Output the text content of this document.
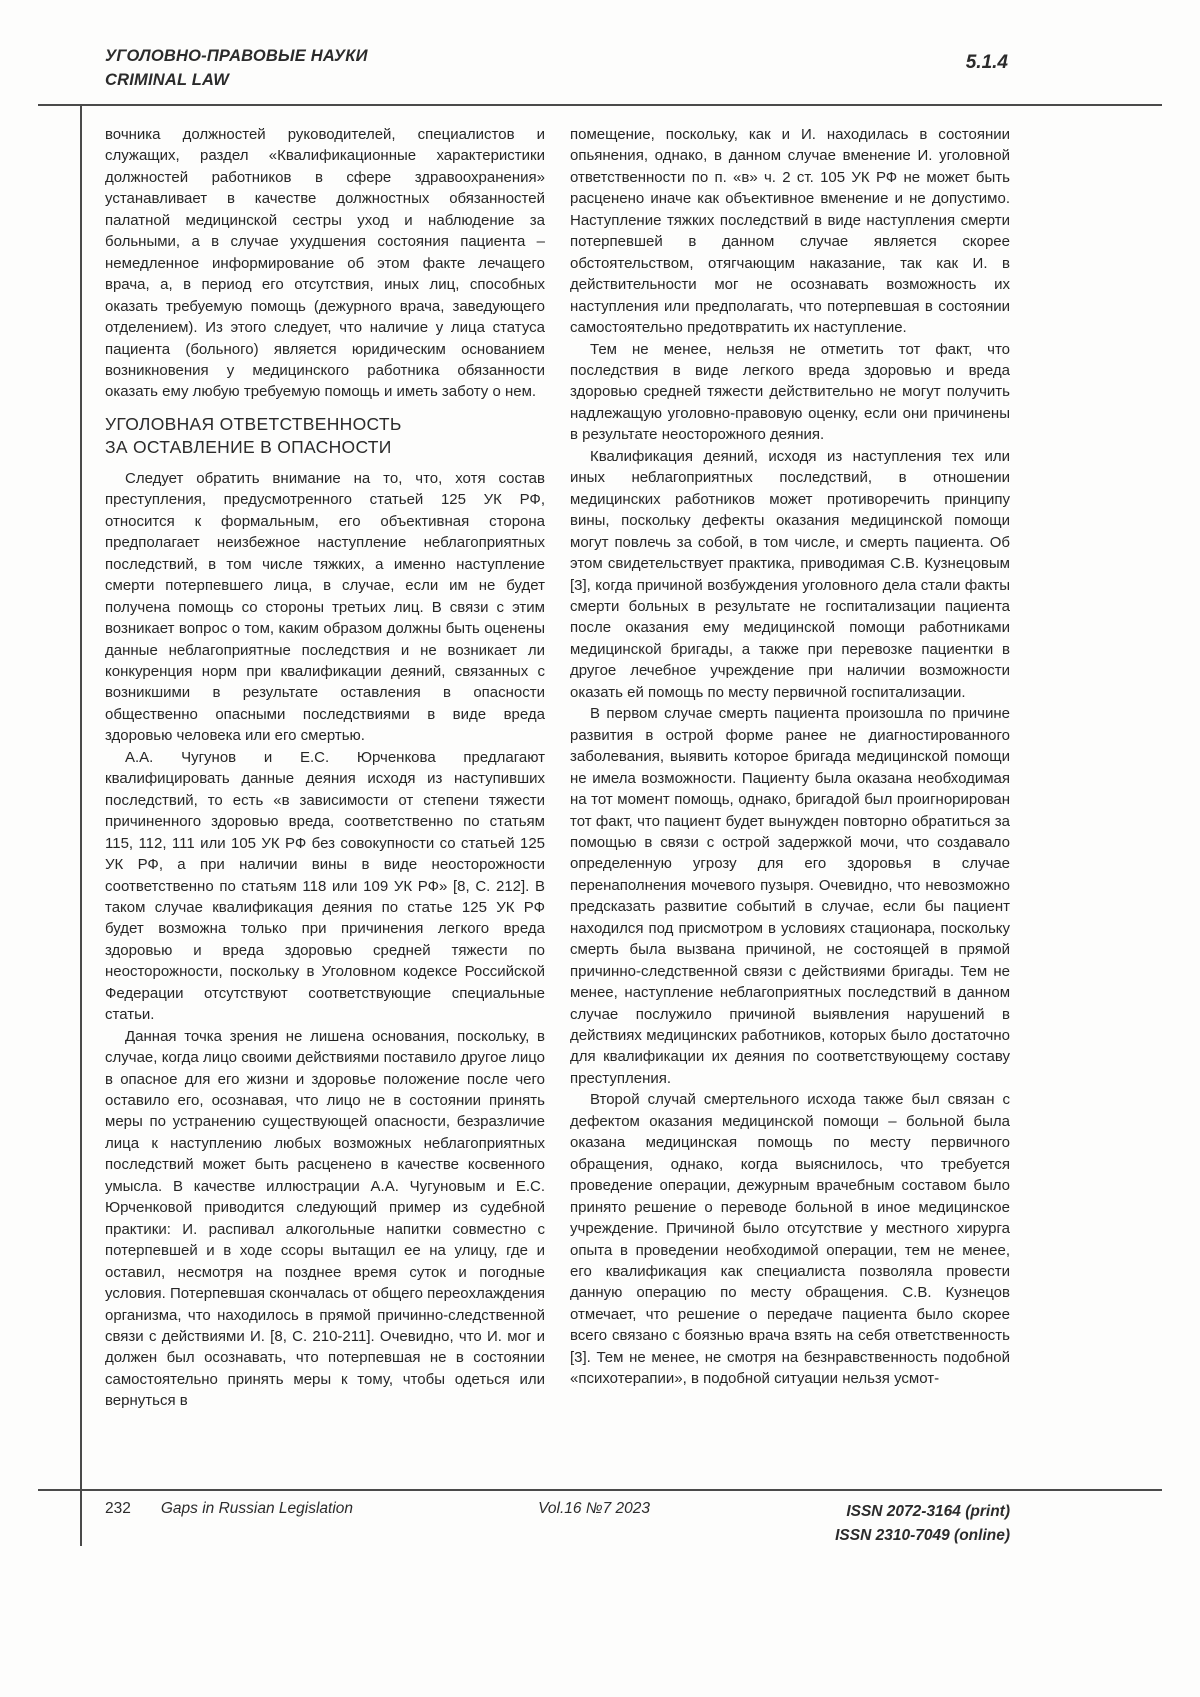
УГОЛОВНО-ПРАВОВЫЕ НАУКИ
CRIMINAL LAW
5.1.4

вочника должностей руководителей, специалистов и служащих, раздел «Квалификационные характеристики должностей работников в сфере здравоохранения» устанавливает в качестве должностных обязанностей палатной медицинской сестры уход и наблюдение за больными, а в случае ухудшения состояния пациента – немедленное информирование об этом факте лечащего врача, а, в период его отсутствия, иных лиц, способных оказать требуемую помощь (дежурного врача, заведующего отделением). Из этого следует, что наличие у лица статуса пациента (больного) является юридическим основанием возникновения у медицинского работника обязанности оказать ему любую требуемую помощь и иметь заботу о нем.

УГОЛОВНАЯ ОТВЕТСТВЕННОСТЬ
ЗА ОСТАВЛЕНИЕ В ОПАСНОСТИ

Следует обратить внимание на то, что, хотя состав преступления, предусмотренного статьей 125 УК РФ, относится к формальным, его объективная сторона предполагает неизбежное наступление неблагоприятных последствий, в том числе тяжких, а именно наступление смерти потерпевшего лица, в случае, если им не будет получена помощь со стороны третьих лиц. В связи с этим возникает вопрос о том, каким образом должны быть оценены данные неблагоприятные последствия и не возникает ли конкуренция норм при квалификации деяний, связанных с возникшими в результате оставления в опасности общественно опасными последствиями в виде вреда здоровью человека или его смертью.

А.А. Чугунов и Е.С. Юрченкова предлагают квалифицировать данные деяния исходя из наступивших последствий, то есть «в зависимости от степени тяжести причиненного здоровью вреда, соответственно по статьям 115, 112, 111 или 105 УК РФ без совокупности со статьей 125 УК РФ, а при наличии вины в виде неосторожности соответственно по статьям 118 или 109 УК РФ» [8, С. 212]. В таком случае квалификация деяния по статье 125 УК РФ будет возможна только при причинения легкого вреда здоровью и вреда здоровью средней тяжести по неосторожности, поскольку в Уголовном кодексе Российской Федерации отсутствуют соответствующие специальные статьи.

Данная точка зрения не лишена основания, поскольку, в случае, когда лицо своими действиями поставило другое лицо в опасное для его жизни и здоровье положение после чего оставило его, осознавая, что лицо не в состоянии принять меры по устранению существующей опасности, безразличие лица к наступлению любых возможных неблагоприятных последствий может быть расценено в качестве косвенного умысла. В качестве иллюстрации А.А. Чугуновым и Е.С. Юрченковой приводится следующий пример из судебной практики: И. распивал алкогольные напитки совместно с потерпевшей и в ходе ссоры вытащил ее на улицу, где и оставил, несмотря на позднее время суток и погодные условия. Потерпевшая скончалась от общего переохлаждения организма, что находилось в прямой причинно-следственной связи с действиями И. [8, С. 210-211]. Очевидно, что И. мог и должен был осознавать, что потерпевшая не в состоянии самостоятельно принять меры к тому, чтобы одеться или вернуться в

помещение, поскольку, как и И. находилась в состоянии опьянения, однако, в данном случае вменение И. уголовной ответственности по п. «в» ч. 2 ст. 105 УК РФ не может быть расценено иначе как объективное вменение и не допустимо. Наступление тяжких последствий в виде наступления смерти потерпевшей в данном случае является скорее обстоятельством, отягчающим наказание, так как И. в действительности мог не осознавать возможность их наступления или предполагать, что потерпевшая в состоянии самостоятельно предотвратить их наступление.

Тем не менее, нельзя не отметить тот факт, что последствия в виде легкого вреда здоровью и вреда здоровью средней тяжести действительно не могут получить надлежащую уголовно-правовую оценку, если они причинены в результате неосторожного деяния.

Квалификация деяний, исходя из наступления тех или иных неблагоприятных последствий, в отношении медицинских работников может противоречить принципу вины, поскольку дефекты оказания медицинской помощи могут повлечь за собой, в том числе, и смерть пациента. Об этом свидетельствует практика, приводимая С.В. Кузнецовым [3], когда причиной возбуждения уголовного дела стали факты смерти больных в результате не госпитализации пациента после оказания ему медицинской помощи работниками медицинской бригады, а также при перевозке пациентки в другое лечебное учреждение при наличии возможности оказать ей помощь по месту первичной госпитализации.

В первом случае смерть пациента произошла по причине развития в острой форме ранее не диагностированного заболевания, выявить которое бригада медицинской помощи не имела возможности. Пациенту была оказана необходимая на тот момент помощь, однако, бригадой был проигнорирован тот факт, что пациент будет вынужден повторно обратиться за помощью в связи с острой задержкой мочи, что создавало определенную угрозу для его здоровья в случае перенаполнения мочевого пузыря. Очевидно, что невозможно предсказать развитие событий в случае, если бы пациент находился под присмотром в условиях стационара, поскольку смерть была вызвана причиной, не состоящей в прямой причинно-следственной связи с действиями бригады. Тем не менее, наступление неблагоприятных последствий в данном случае послужило причиной выявления нарушений в действиях медицинских работников, которых было достаточно для квалификации их деяния по соответствующему составу преступления.

Второй случай смертельного исхода также был связан с дефектом оказания медицинской помощи – больной была оказана медицинская помощь по месту первичного обращения, однако, когда выяснилось, что требуется проведение операции, дежурным врачебным составом было принято решение о переводе больной в иное медицинское учреждение. Причиной было отсутствие у местного хирурга опыта в проведении необходимой операции, тем не менее, его квалификация как специалиста позволяла провести данную операцию по месту обращения. С.В. Кузнецов отмечает, что решение о передаче пациента было скорее всего связано с боязнью врача взять на себя ответственность [3]. Тем не менее, не смотря на безнравственность подобной «психотерапии», в подобной ситуации нельзя усмот-

232 Gaps in Russian Legislation	Vol.16 №7 2023	ISSN 2072-3164 (print)
ISSN 2310-7049 (online)
